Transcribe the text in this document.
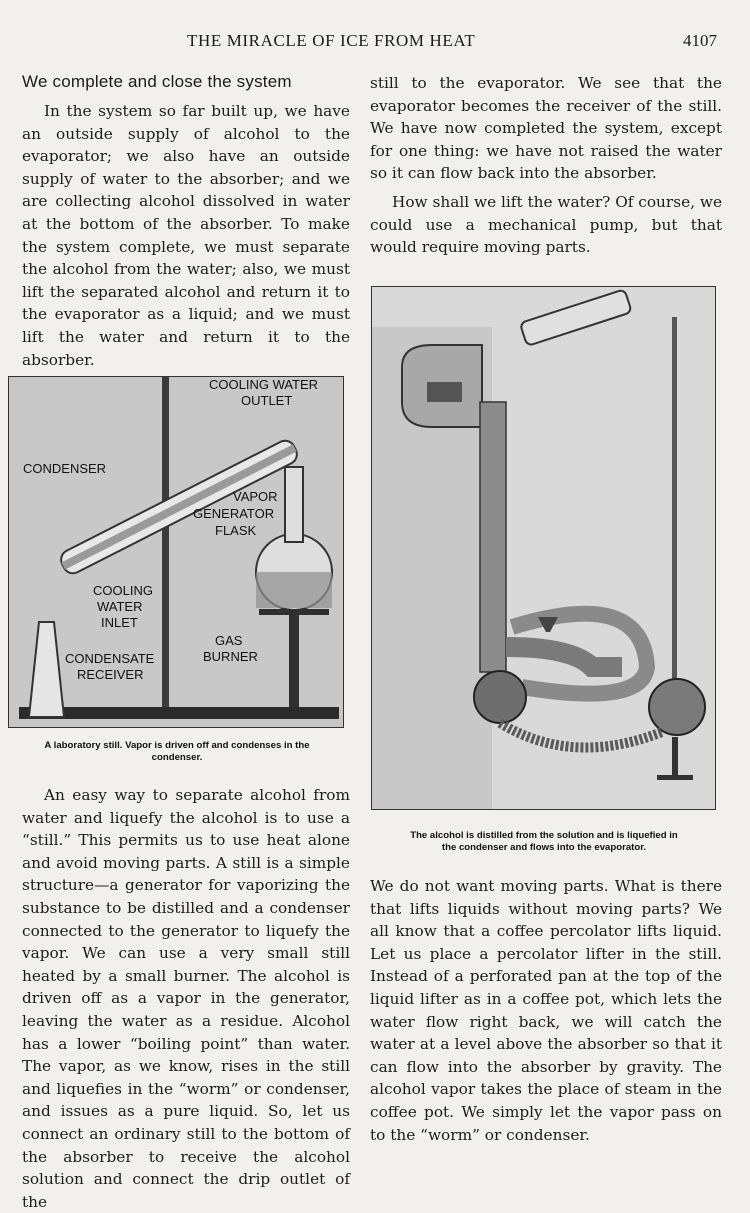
THE MIRACLE OF ICE FROM HEAT	4107
We complete and close the system

In the system so far built up, we have an outside supply of alcohol to the evaporator; we also have an outside supply of water to the absorber; and we are collecting alcohol dissolved in water at the bottom of the absorber. To make the system complete, we must separate the alcohol from the water; also, we must lift the separated alcohol and return it to the evaporator as a liquid; and we must lift the water and return it to the absorber.

COOLING WATER
OUTLET
CONDENSER
VAPOR
GENERATOR
FLASK
COOLING
WATER
INLET
GAS
BURNER
CONDENSATE
RECEIVER
A laboratory still. Vapor is driven off and condenses in the
condenser.

An easy way to separate alcohol from water and liquefy the alcohol is to use a “still.” This permits us to use heat alone and avoid moving parts. A still is a simple structure—a generator for vaporizing the substance to be distilled and a condenser connected to the generator to liquefy the vapor. We can use a very small still heated by a small burner. The alcohol is driven off as a vapor in the generator, leaving the water as a residue. Alcohol has a lower “boiling point” than water. The vapor, as we know, rises in the still and liquefies in the “worm” or condenser, and issues as a pure liquid. So, let us connect an ordinary still to the bottom of the absorber to receive the alcohol solution and connect the drip outlet of the

still to the evaporator. We see that the evaporator becomes the receiver of the still. We have now completed the system, except for one thing: we have not raised the water so it can flow back into the absorber.

How shall we lift the water? Of course, we could use a mechanical pump, but that would require moving parts.

The alcohol is distilled from the solution and is liquefied in
the condenser and flows into the evaporator.

We do not want moving parts. What is there that lifts liquids without moving parts? We all know that a coffee percolator lifts liquid. Let us place a percolator lifter in the still. Instead of a perforated pan at the top of the liquid lifter as in a coffee pot, which lets the water flow right back, we will catch the water at a level above the absorber so that it can flow into the absorber by gravity. The alcohol vapor takes the place of steam in the coffee pot. We simply let the vapor pass on to the “worm” or condenser.
